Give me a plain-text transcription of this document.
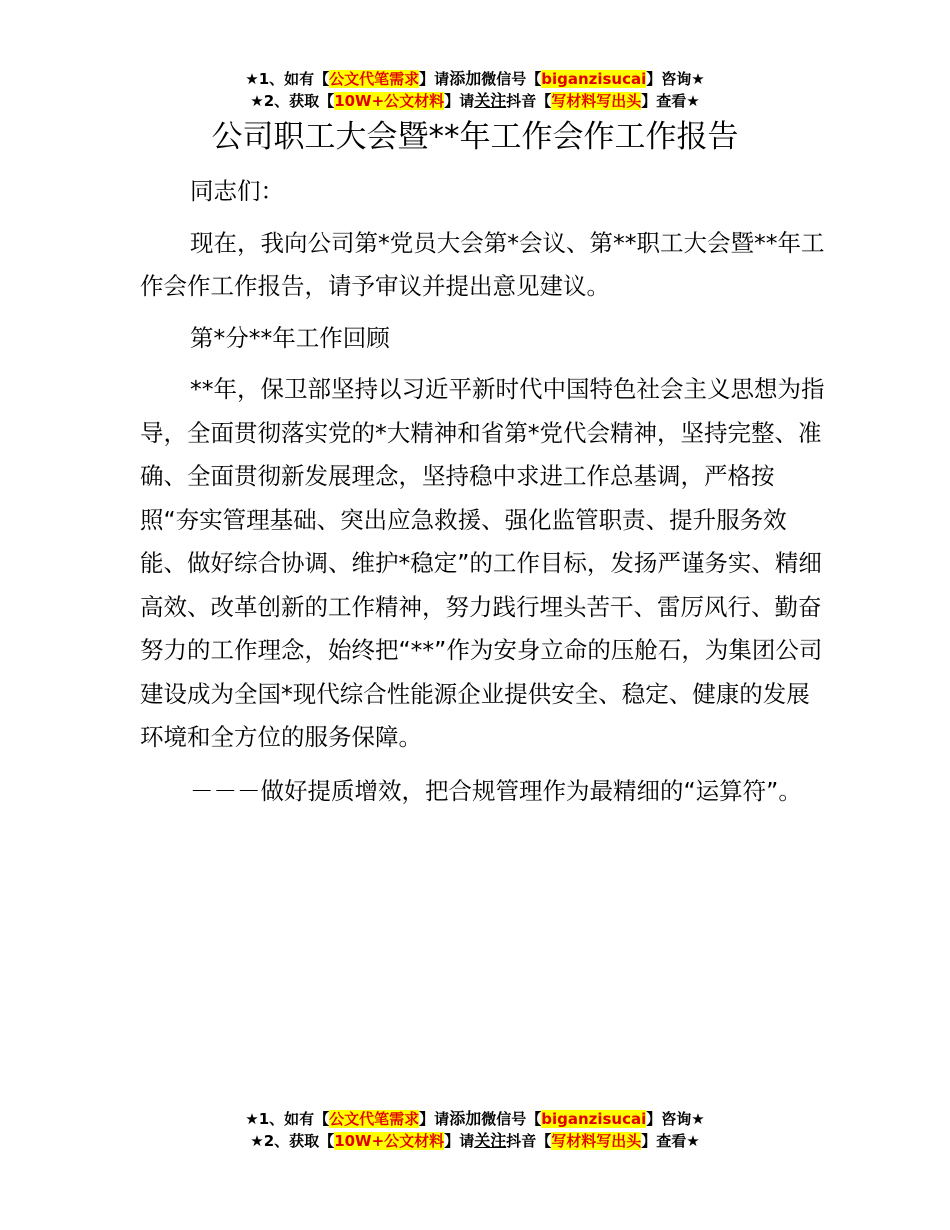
★1、如有【公文代笔需求】请添加微信号【biganzisucai】咨询★
★2、获取【10W+公文材料】请关注抖音【写材料写出头】查看★
公司职工大会暨**年工作会作工作报告

同志们：

现在，我向公司第*党员大会第*会议、第**职工大会暨**年工作会作工作报告，请予审议并提出意见建议。

第*分**年工作回顾

**年，保卫部坚持以习近平新时代中国特色社会主义思想为指导，全面贯彻落实党的*大精神和省第*党代会精神，坚持完整、准确、全面贯彻新发展理念，坚持稳中求进工作总基调，严格按照“夯实管理基础、突出应急救援、强化监管职责、提升服务效能、做好综合协调、维护*稳定”的工作目标，发扬严谨务实、精细高效、改革创新的工作精神，努力践行埋头苦干、雷厉风行、勤奋努力的工作理念，始终把“**”作为安身立命的压舱石，为集团公司建设成为全国*现代综合性能源企业提供安全、稳定、健康的发展环境和全方位的服务保障。

－－－做好提质增效，把合规管理作为最精细的“运算符”。

★1、如有【公文代笔需求】请添加微信号【biganzisucai】咨询★
★2、获取【10W+公文材料】请关注抖音【写材料写出头】查看★
